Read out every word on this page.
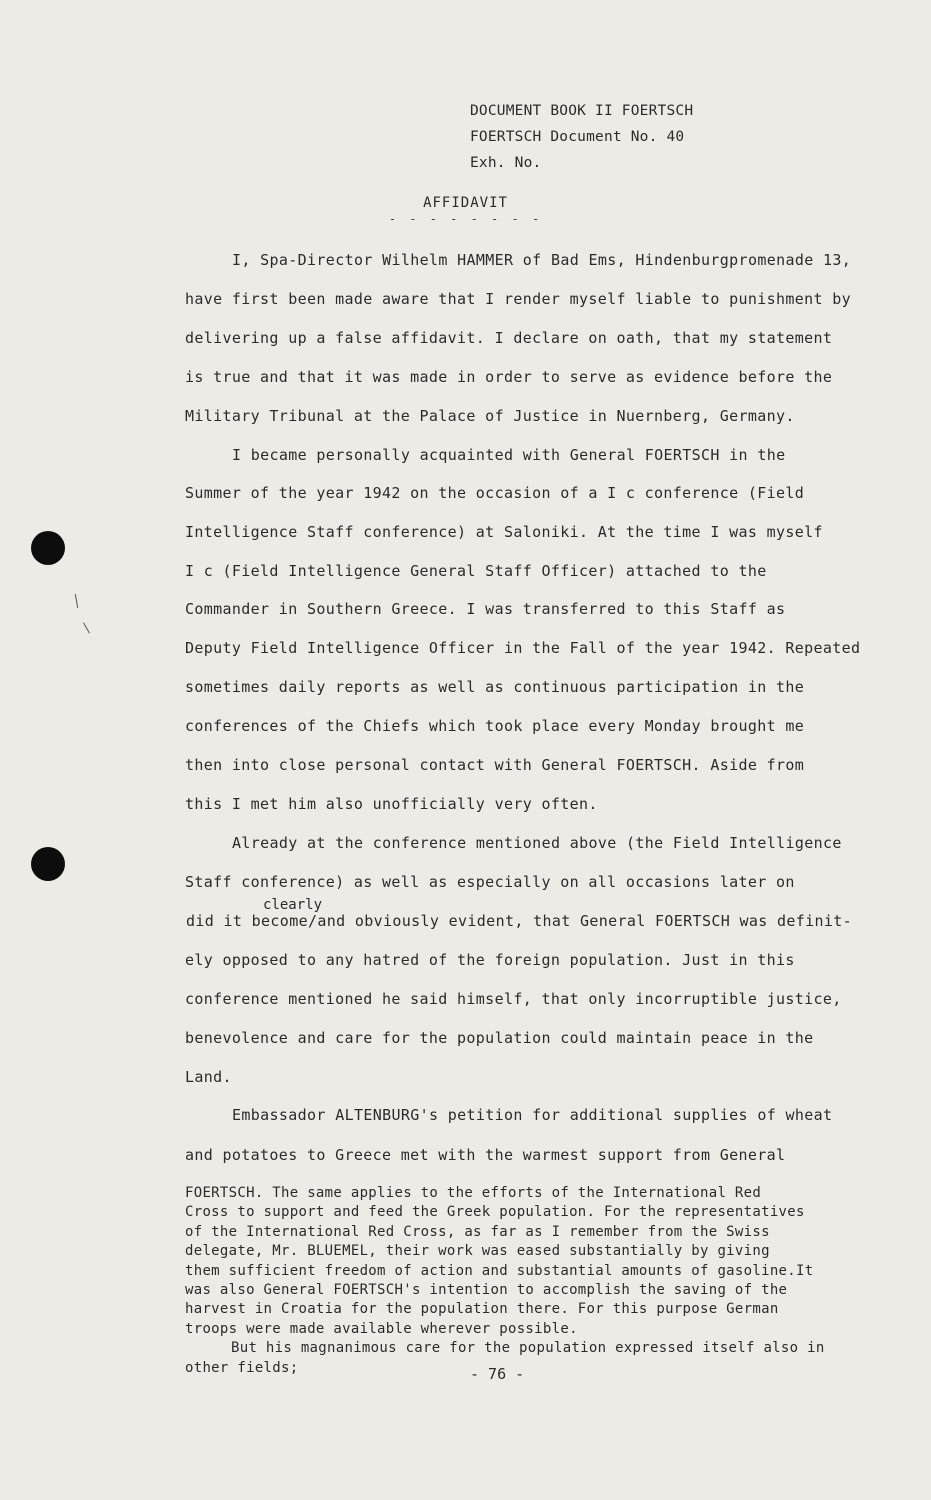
DOCUMENT BOOK II FOERTSCH
FOERTSCH Document No. 40
Exh. No.
AFFIDAVIT
- - - - - - - -
I, Spa-Director Wilhelm HAMMER of Bad Ems, Hindenburgpromenade 13,
have first been made aware that I render myself liable to punishment by
delivering up a false affidavit. I declare on oath, that my statement
is true and that it was made in order to serve as evidence before the
Military Tribunal at the Palace of Justice in Nuernberg, Germany.
I became personally acquainted with General FOERTSCH in the
Summer of the year 1942 on the occasion of a I c conference (Field
Intelligence Staff conference) at Saloniki. At the time I was myself
I c (Field Intelligence General Staff Officer) attached to the
Commander in Southern Greece. I was transferred to this Staff as
Deputy Field Intelligence Officer in the Fall of the year 1942. Repeated
sometimes daily reports as well as continuous participation in the
conferences of the Chiefs which took place every Monday brought me
then into close personal contact with General FOERTSCH. Aside from
this I met him also unofficially very often.
Already at the conference mentioned above (the Field Intelligence
Staff conference) as well as especially on all occasions later on
clearly
did it become/and obviously evident, that General FOERTSCH was definit-
ely opposed to any hatred of the foreign population. Just in this
conference mentioned he said himself, that only incorruptible justice,
benevolence and care for the population could maintain peace in the
Land.
Embassador ALTENBURG's petition for additional supplies of wheat
and potatoes to Greece met with the warmest support from General
FOERTSCH. The same applies to the efforts of the International Red
Cross to support and feed the Greek population. For the representatives
of the International Red Cross, as far as I remember from the Swiss
delegate, Mr. BLUEMEL, their work was eased substantially by giving
them sufficient freedom of action and substantial amounts of gasoline.It
was also General FOERTSCH's intention to accomplish the saving of the
harvest in Croatia for the population there. For this purpose German
troops were made available wherever possible.
But his magnanimous care for the population expressed itself also in
other fields;	- 76 -
